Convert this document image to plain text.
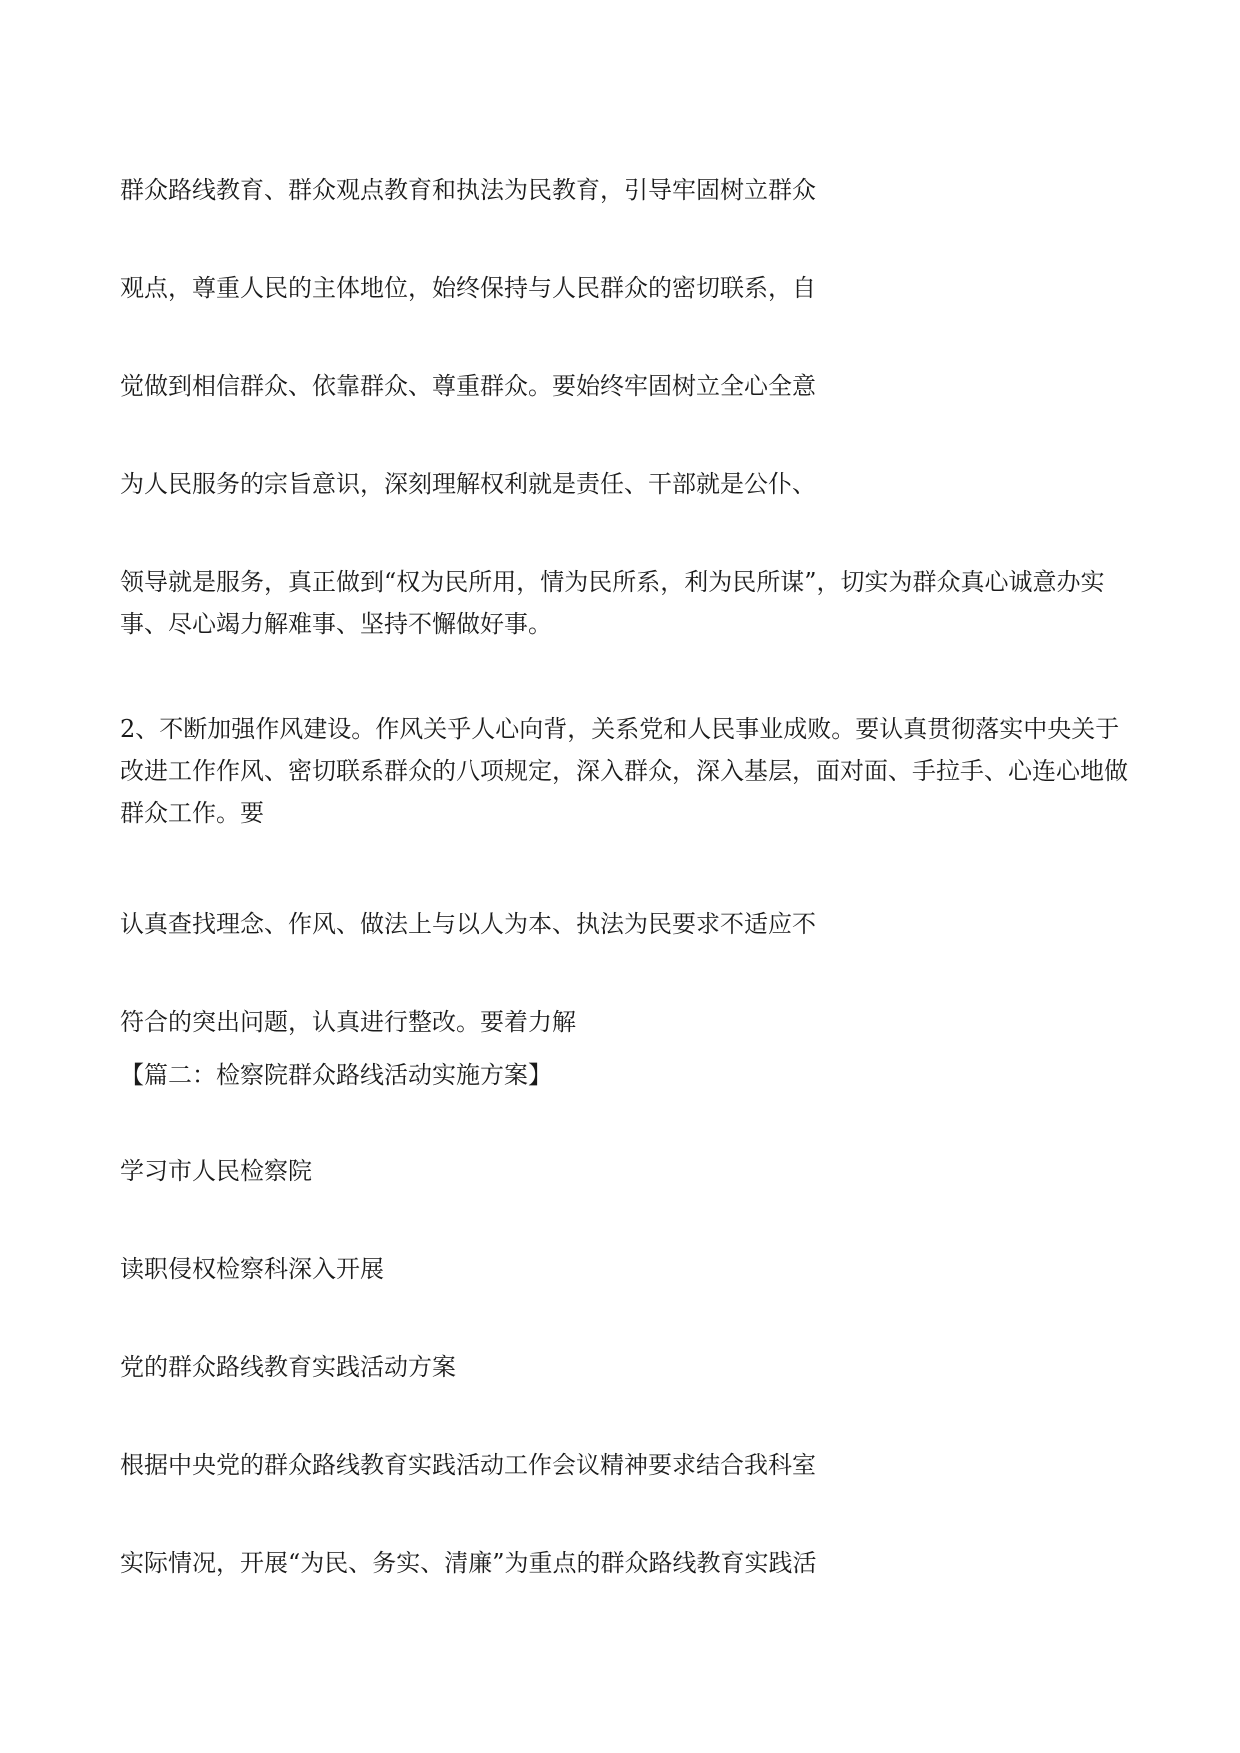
群众路线教育、群众观点教育和执法为民教育，引导牢固树立群众

观点，尊重人民的主体地位，始终保持与人民群众的密切联系，自

觉做到相信群众、依靠群众、尊重群众。要始终牢固树立全心全意

为人民服务的宗旨意识，深刻理解权利就是责任、干部就是公仆、

领导就是服务，真正做到“权为民所用，情为民所系，利为民所谋”，切实为群众真心诚意办实事、尽心竭力解难事、坚持不懈做好事。

2、不断加强作风建设。作风关乎人心向背，关系党和人民事业成败。要认真贯彻落实中央关于改进工作作风、密切联系群众的八项规定，深入群众，深入基层，面对面、手拉手、心连心地做群众工作。要

认真查找理念、作风、做法上与以人为本、执法为民要求不适应不

符合的突出问题，认真进行整改。要着力解

【篇二：检察院群众路线活动实施方案】

学习市人民检察院

读职侵权检察科深入开展

党的群众路线教育实践活动方案

根据中央党的群众路线教育实践活动工作会议精神要求结合我科室

实际情况，开展“为民、务实、清廉”为重点的群众路线教育实践活
